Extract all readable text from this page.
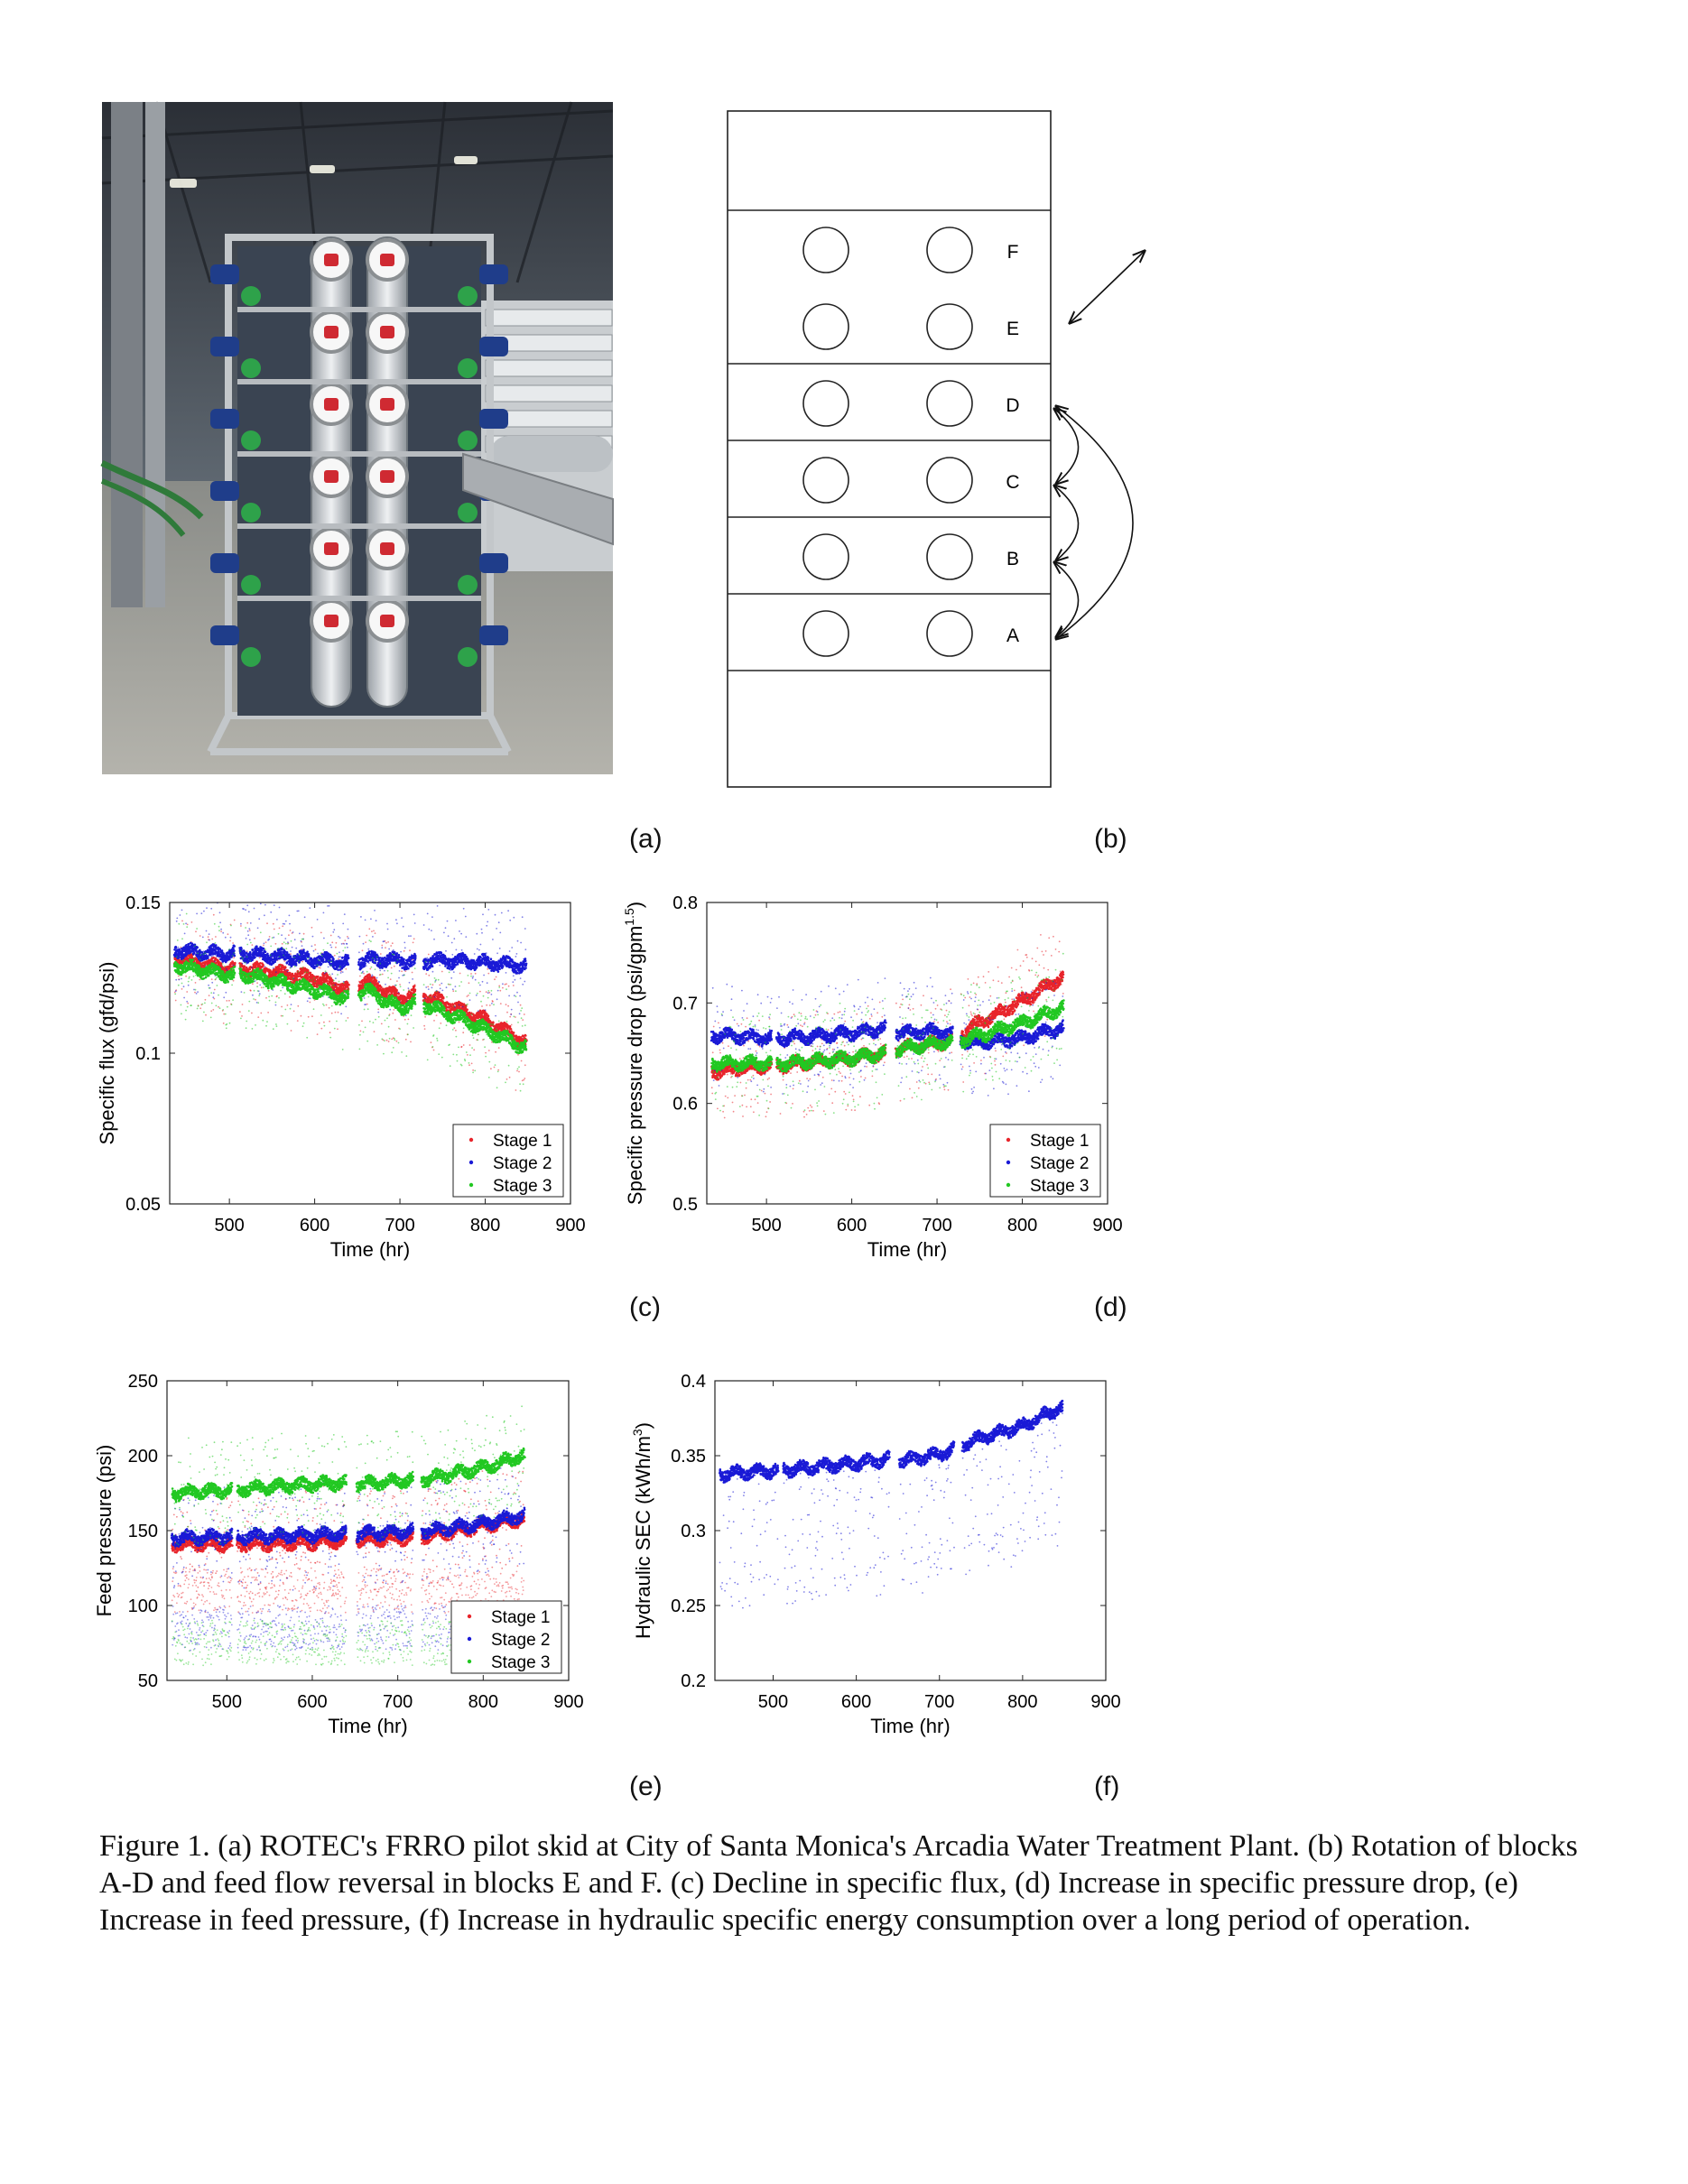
F
E
D
C
B
A
(a)	(b)
(c)	(d)
(e)	(f)
500	600	700	800	900
0.05
0.1
0.15
Time (hr)
Specific flux (gfd/psi)	Stage 1
Stage 2
Stage 3
500	600	700	800	900
0.5
0.6
0.7
0.8
Time (hr)
Specific pressure drop (psi/gpm$^{1.5}$)
Stage 1
Stage 2
Stage 3
500	600	700	800	900
50
100
150
200
250
Time (hr)
Feed pressure (psi)
Stage 1
Stage 2
Stage 3
500	600	700	800	900
0.2
0.25
0.3
0.35
0.4
Time (hr)
Hydraulic SEC $(kWh/m^3)$
Figure 1. (a) ROTEC's FRRO pilot skid at City of Santa Monica's Arcadia Water Treatment Plant. (b) Rotation of blocks A-D and feed flow reversal in blocks E and F. (c) Decline in specific flux, (d) Increase in specific pressure drop, (e) Increase in feed pressure, (f) Increase in hydraulic specific energy consumption over a long period of operation.
